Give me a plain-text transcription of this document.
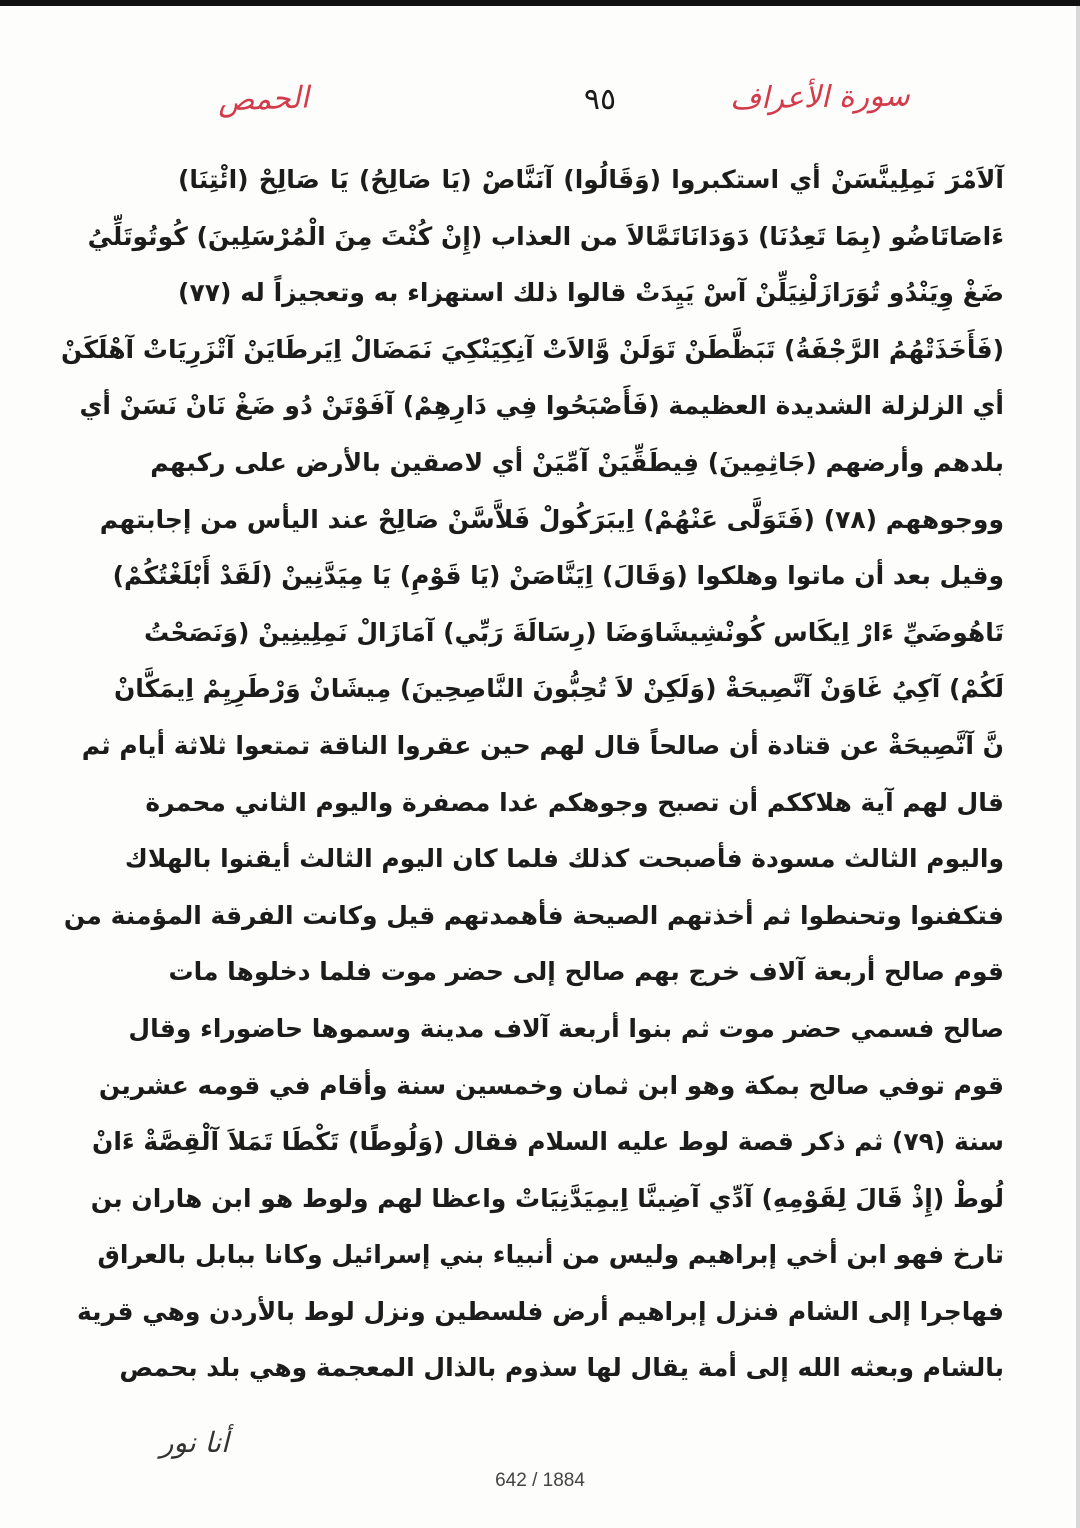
الحمص	٩٥	سورة الأعراف
آلاَمْرَ نَمِلِينَّسَنْ أي استكبروا (وَقَالُوا) آنَنَّاصْ (يَا صَالِحُ) يَا صَالِحْ (ائْتِنَا)
ءَاصَاتَاضُو (بِمَا تَعِدُنَا) دَوَدَانَاتَمَّالاَ من العذاب (إِنْ كُنْتَ مِنَ الْمُرْسَلِينَ) كُوتُوتَلِّيُ
ضَغْ وِيَنْدُو تُوَرَازَلْنِيَلِّنْ آسْ يَيِدَتْ قالوا ذلك استهزاء به وتعجيزاً له (٧٧)
(فَأَخَذَتْهُمُ الرَّجْفَةُ) تَبَظَّطَنْ تَوَلَنْ وَّالاَتْ آنِكِيَنْكِيَ نَمَضَالْ اِيَرطَايَنْ آتْزَرِيَاتْ آهْلَكَنْ
أي الزلزلة الشديدة العظيمة (فَأَصْبَحُوا فِي دَارِهِمْ) آفَوْتَنْ دُو ضَغْ نَانْ نَسَنْ أي
بلدهم وأرضهم (جَاثِمِينَ) فِيطَقِّيَنْ آمِّيَنْ أي لاصقين بالأرض على ركبهم
ووجوههم (٧٨) (فَتَوَلَّى عَنْهُمْ) اِيبَرَكُولْ فَلاَّسَّنْ صَالِحْ عند اليأس من إجابتهم
وقيل بعد أن ماتوا وهلكوا (وَقَالَ) اِيَنَّاصَنْ (يَا قَوْمِ) يَا مِيَدَّنِينْ (لَقَدْ أَبْلَغْتُكُمْ)
تَاهُوضَيِّ ءَارْ اِيكَاس كُونْشِيشَاوَضَا (رِسَالَةَ رَبِّي) آمَازَالْ نَمِلِينِينْ (وَنَصَحْتُ
لَكُمْ) آكِيُ غَاوَنْ آنَّصِيحَةْ (وَلَكِنْ لاَ تُحِبُّونَ النَّاصِحِينَ) مِيشَانْ وَرْطَرِيِمْ اِيمَكَّانْ
نَّ آنَّصِيحَةْ عن قتادة أن صالحاً قال لهم حين عقروا الناقة تمتعوا ثلاثة أيام ثم
قال لهم آية هلاككم أن تصبح وجوهكم غدا مصفرة واليوم الثاني محمرة
واليوم الثالث مسودة فأصبحت كذلك فلما كان اليوم الثالث أيقنوا بالهلاك
فتكفنوا وتحنطوا ثم أخذتهم الصيحة فأهمدتهم قيل وكانت الفرقة المؤمنة من
قوم صالح أربعة آلاف خرج بهم صالح إلى حضر موت فلما دخلوها مات
صالح فسمي حضر موت ثم بنوا أربعة آلاف مدينة وسموها حاضوراء وقال
قوم توفي صالح بمكة وهو ابن ثمان وخمسين سنة وأقام في قومه عشرين
سنة (٧٩) ثم ذكر قصة لوط عليه السلام فقال (وَلُوطًا) تَكْطَا تَمَلاَ آلْقِصَّةْ ءَانْ
لُوطْ (إِذْ قَالَ لِقَوْمِهِ) آدِّي آضِينَّا اِيمِيَدَّنِيَاتْ واعظا لهم ولوط هو ابن هاران بن
تارخ فهو ابن أخي إبراهيم وليس من أنبياء بني إسرائيل وكانا ببابل بالعراق
فهاجرا إلى الشام فنزل إبراهيم أرض فلسطين ونزل لوط بالأردن وهي قرية
بالشام وبعثه الله إلى أمة يقال لها سذوم بالذال المعجمة وهي بلد بحمص
أنا نور
642 / 1884
